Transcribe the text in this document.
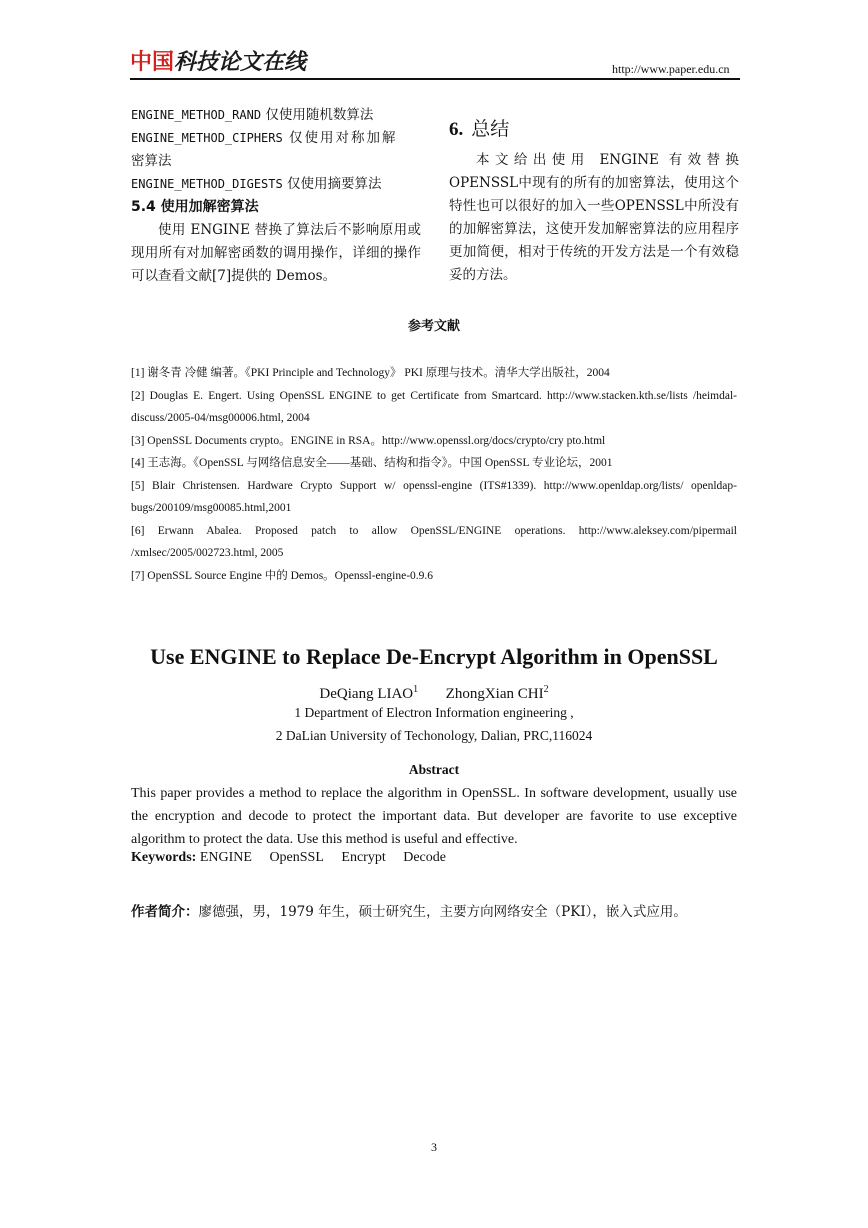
中国科技论文在线	http://www.paper.edu.cn
ENGINE_METHOD_RAND 仅使用随机数算法
ENGINE_METHOD_CIPHERS 仅使用对称加解
密算法
ENGINE_METHOD_DIGESTS 仅使用摘要算法
5.4 使用加解密算法
使用 ENGINE 替换了算法后不影响原用或现用所有对加解密函数的调用操作，详细的操作可以查看文献[7]提供的 Demos。
6. 总结
本文给出使用 ENGINE 有效替换 OPENSSL中现有的所有的加密算法，使用这个特性也可以很好的加入一些OPENSSL中所没有的加解密算法，这使开发加解密算法的应用程序更加简便，相对于传统的开发方法是一个有效稳妥的方法。
参考文献
[1] 谢冬青 冷健 编著。《PKI Principle and Technology》 PKI 原理与技术。清华大学出版社，2004
[2] Douglas E. Engert. Using OpenSSL ENGINE to get Certificate from Smartcard. http://www.stacken.kth.se/lists /heimdal-discuss/2005-04/msg00006.html, 2004
[3] OpenSSL Documents crypto。ENGINE in RSA。http://www.openssl.org/docs/crypto/cry pto.html
[4] 王志海。《OpenSSL 与网络信息安全——基础、结构和指令》。中国 OpenSSL 专业论坛，2001
[5] Blair Christensen. Hardware Crypto Support w/ openssl-engine (ITS#1339). http://www.openldap.org/lists/ openldap-bugs/200109/msg00085.html,2001
[6] Erwann Abalea. Proposed patch to allow OpenSSL/ENGINE operations. http://www.aleksey.com/pipermail /xmlsec/2005/002723.html, 2005
[7] OpenSSL Source Engine 中的 Demos。Openssl-engine-0.9.6
Use ENGINE to Replace De-Encrypt Algorithm in OpenSSL
DeQiang LIAO$^1$ ZhongXian CHI$^2$
1 Department of Electron Information engineering ,
2 DaLian University of Techonology, Dalian, PRC,116024
Abstract
This paper provides a method to replace the algorithm in OpenSSL. In software development, usually use the encryption and decode to protect the important data. But developer are favorite to use exceptive algorithm to protect the data. Use this method is useful and effective.
Keywords: ENGINE OpenSSL Encrypt Decode
作者简介：廖德强，男，1979 年生，硕士研究生，主要方向网络安全（PKI），嵌入式应用。
3
